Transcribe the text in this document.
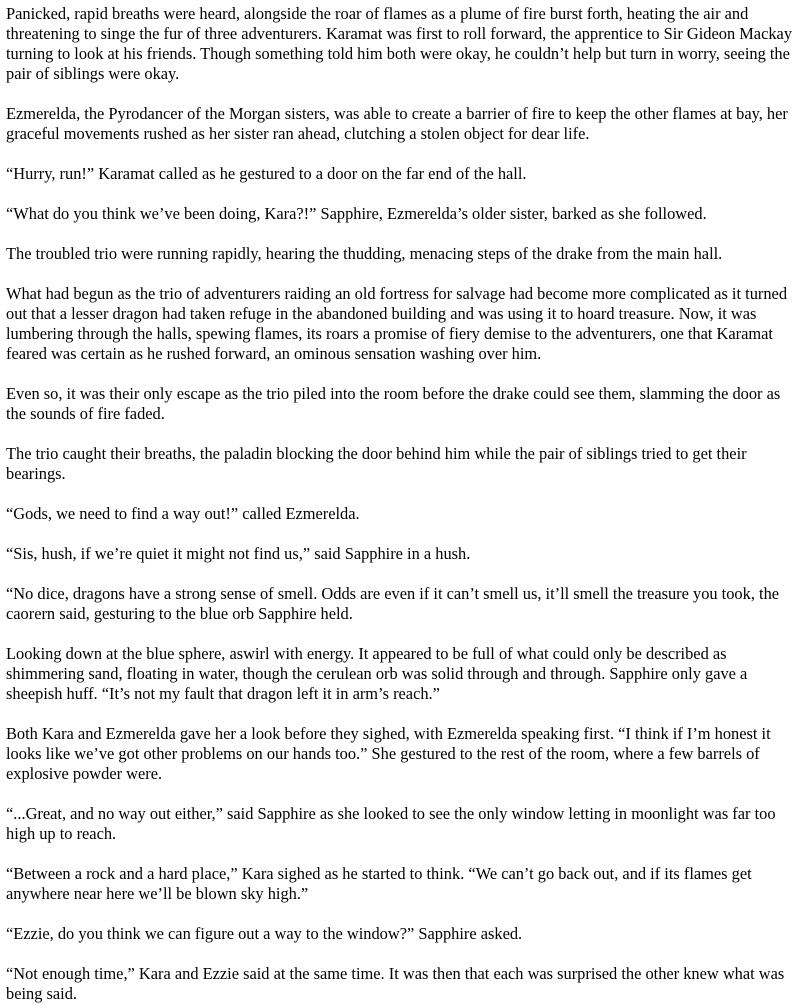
Panicked, rapid breaths were heard, alongside the roar of flames as a plume of fire burst forth, heating the air and threatening to singe the fur of three adventurers. Karamat was first to roll forward, the apprentice to Sir Gideon Mackay turning to look at his friends. Though something told him both were okay, he couldn’t help but turn in worry, seeing the pair of siblings were okay.

Ezmerelda, the Pyrodancer of the Morgan sisters, was able to create a barrier of fire to keep the other flames at bay, her graceful movements rushed as her sister ran ahead, clutching a stolen object for dear life.

“Hurry, run!” Karamat called as he gestured to a door on the far end of the hall.

“What do you think we’ve been doing, Kara?!” Sapphire, Ezmerelda’s older sister, barked as she followed.

The troubled trio were running rapidly, hearing the thudding, menacing steps of the drake from the main hall.

What had begun as the trio of adventurers raiding an old fortress for salvage had become more complicated as it turned out that a lesser dragon had taken refuge in the abandoned building and was using it to hoard treasure. Now, it was lumbering through the halls, spewing flames, its roars a promise of fiery demise to the adventurers, one that Karamat feared was certain as he rushed forward, an ominous sensation washing over him.

Even so, it was their only escape as the trio piled into the room before the drake could see them, slamming the door as the sounds of fire faded.

The trio caught their breaths, the paladin blocking the door behind him while the pair of siblings tried to get their bearings.

“Gods, we need to find a way out!” called Ezmerelda.

“Sis, hush, if we’re quiet it might not find us,” said Sapphire in a hush.

“No dice, dragons have a strong sense of smell. Odds are even if it can’t smell us, it’ll smell the treasure you took, the caorern said, gesturing to the blue orb Sapphire held.

Looking down at the blue sphere, aswirl with energy. It appeared to be full of what could only be described as shimmering sand, floating in water, though the cerulean orb was solid through and through. Sapphire only gave a sheepish huff. “It’s not my fault that dragon left it in arm’s reach.”

Both Kara and Ezmerelda gave her a look before they sighed, with Ezmerelda speaking first. “I think if I’m honest it looks like we’ve got other problems on our hands too.” She gestured to the rest of the room, where a few barrels of explosive powder were.

“...Great, and no way out either,” said Sapphire as she looked to see the only window letting in moonlight was far too high up to reach.

“Between a rock and a hard place,” Kara sighed as he started to think. “We can’t go back out, and if its flames get anywhere near here we’ll be blown sky high.”

“Ezzie, do you think we can figure out a way to the window?” Sapphire asked.

“Not enough time,” Kara and Ezzie said at the same time. It was then that each was surprised the other knew what was being said.
